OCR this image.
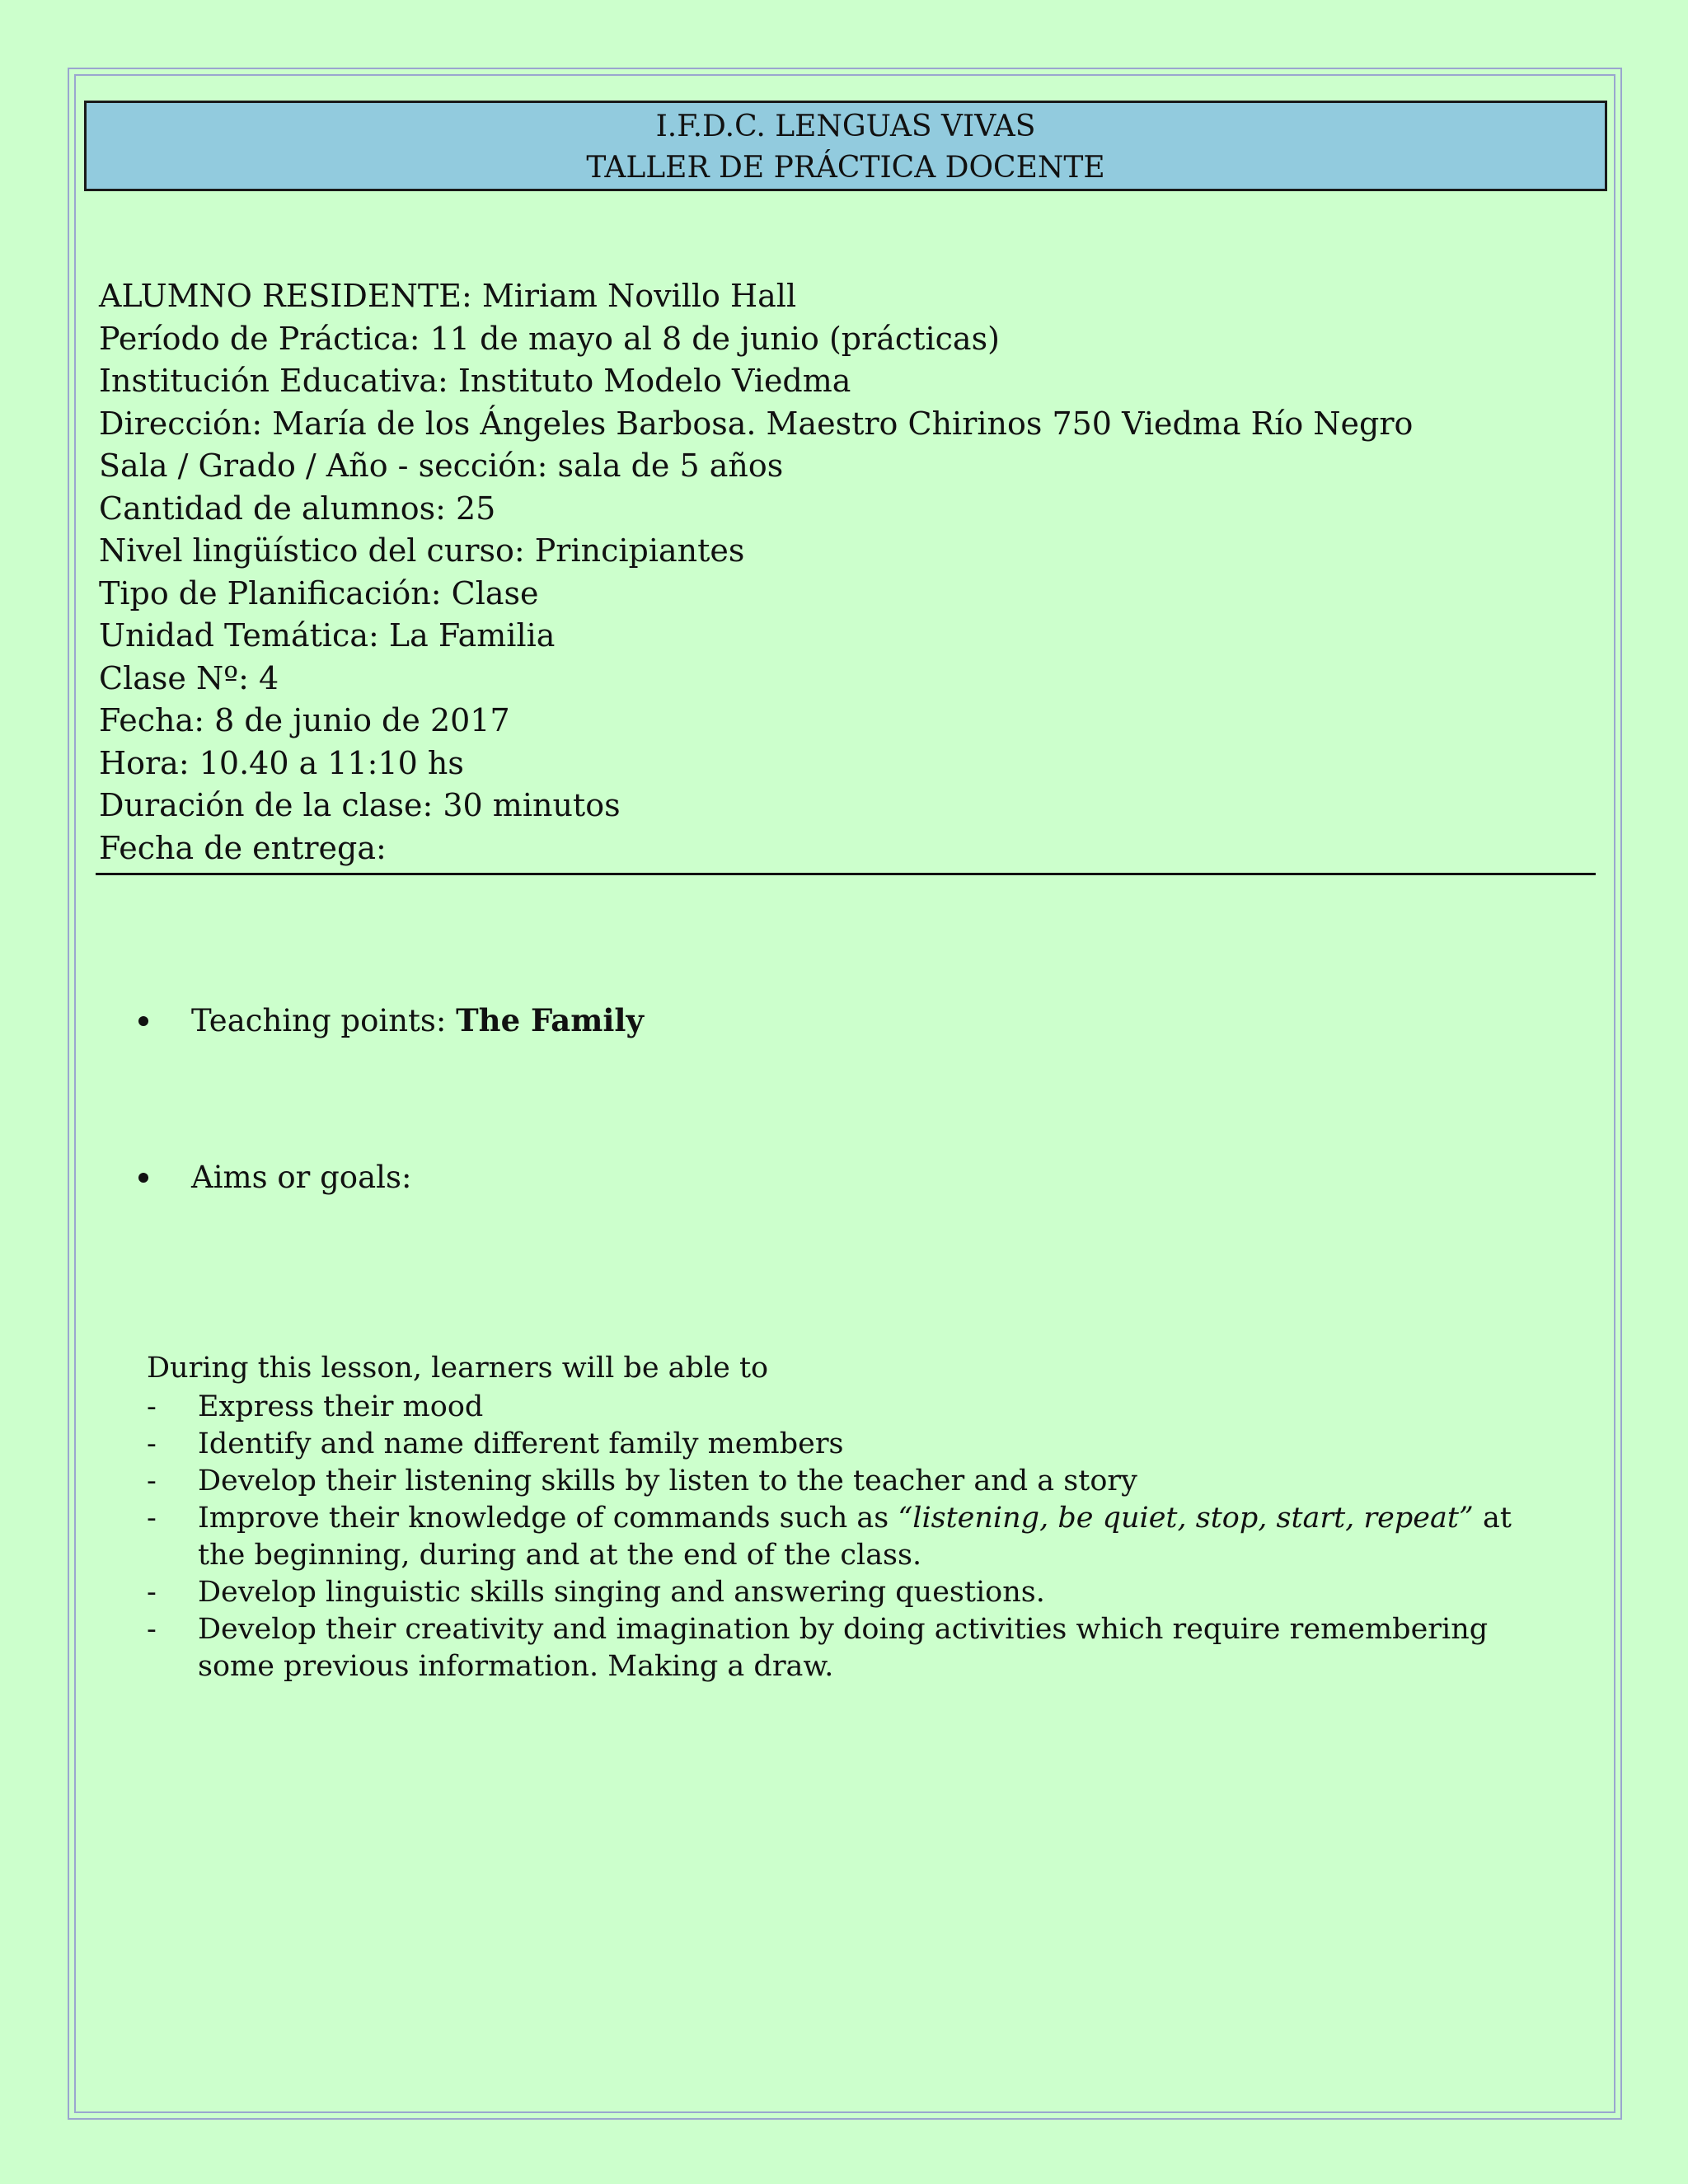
I.F.D.C. LENGUAS VIVAS
TALLER DE PRÁCTICA DOCENTE
ALUMNO RESIDENTE: Miriam Novillo Hall
Período de Práctica: 11 de mayo al 8 de junio (prácticas)
Institución Educativa: Instituto Modelo Viedma
Dirección: María de los Ángeles Barbosa. Maestro Chirinos 750 Viedma Río Negro
Sala / Grado / Año - sección: sala de 5 años
Cantidad de alumnos: 25
Nivel lingüístico del curso: Principiantes
Tipo de Planificación: Clase
Unidad Temática: La Familia
Clase Nº: 4
Fecha: 8 de junio de 2017
Hora: 10.40 a 11:10 hs
Duración de la clase: 30 minutos
Fecha de entrega:
Teaching points: The Family
Aims or goals:
During this lesson, learners will be able to
- Express their mood
- Identify and name different family members
- Develop their listening skills by listen to the teacher and a story
- Improve their knowledge of commands such as “listening, be quiet, stop, start, repeat” at the beginning, during and at the end of the class.
- Develop linguistic skills singing and answering questions.
- Develop their creativity and imagination by doing activities which require remembering some previous information. Making a draw.
